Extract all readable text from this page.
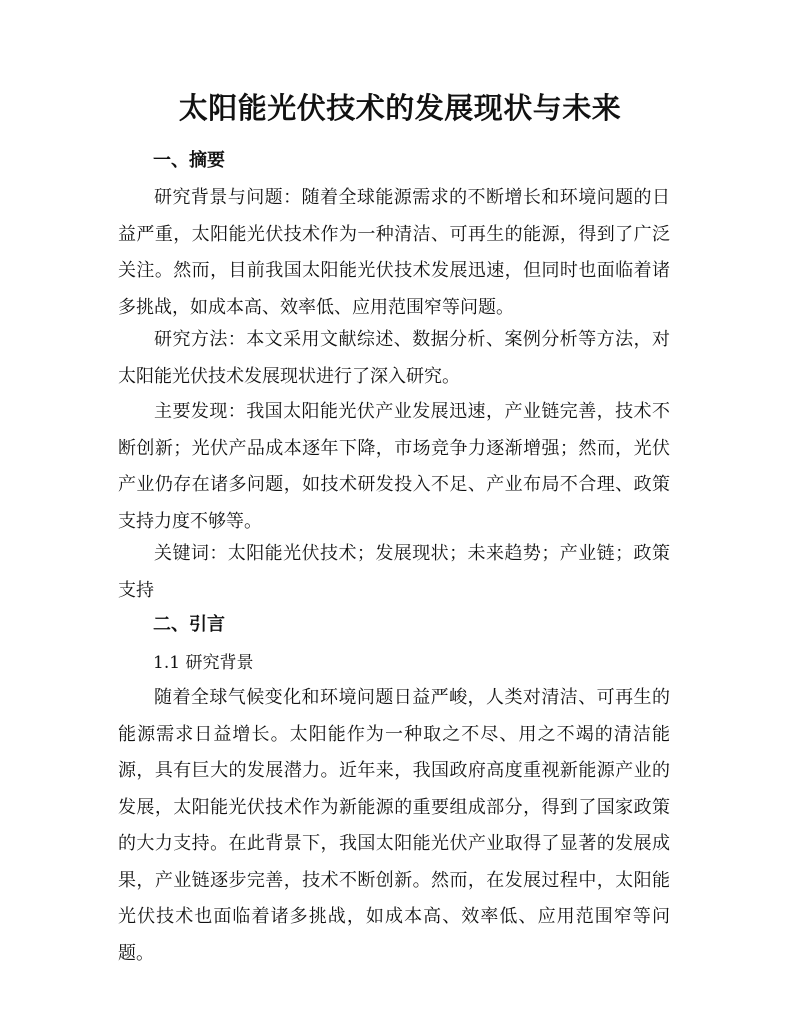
太阳能光伏技术的发展现状与未来
一、摘要

研究背景与问题：随着全球能源需求的不断增长和环境问题的日益严重，太阳能光伏技术作为一种清洁、可再生的能源，得到了广泛关注。然而，目前我国太阳能光伏技术发展迅速，但同时也面临着诸多挑战，如成本高、效率低、应用范围窄等问题。

研究方法：本文采用文献综述、数据分析、案例分析等方法，对太阳能光伏技术发展现状进行了深入研究。

主要发现：我国太阳能光伏产业发展迅速，产业链完善，技术不断创新；光伏产品成本逐年下降，市场竞争力逐渐增强；然而，光伏产业仍存在诸多问题，如技术研发投入不足、产业布局不合理、政策支持力度不够等。

关键词：太阳能光伏技术；发展现状；未来趋势；产业链；政策支持

二、引言
1.1 研究背景

随着全球气候变化和环境问题日益严峻，人类对清洁、可再生的能源需求日益增长。太阳能作为一种取之不尽、用之不竭的清洁能源，具有巨大的发展潜力。近年来，我国政府高度重视新能源产业的发展，太阳能光伏技术作为新能源的重要组成部分，得到了国家政策的大力支持。在此背景下，我国太阳能光伏产业取得了显著的发展成果，产业链逐步完善，技术不断创新。然而，在发展过程中，太阳能光伏技术也面临着诸多挑战，如成本高、效率低、应用范围窄等问题。
